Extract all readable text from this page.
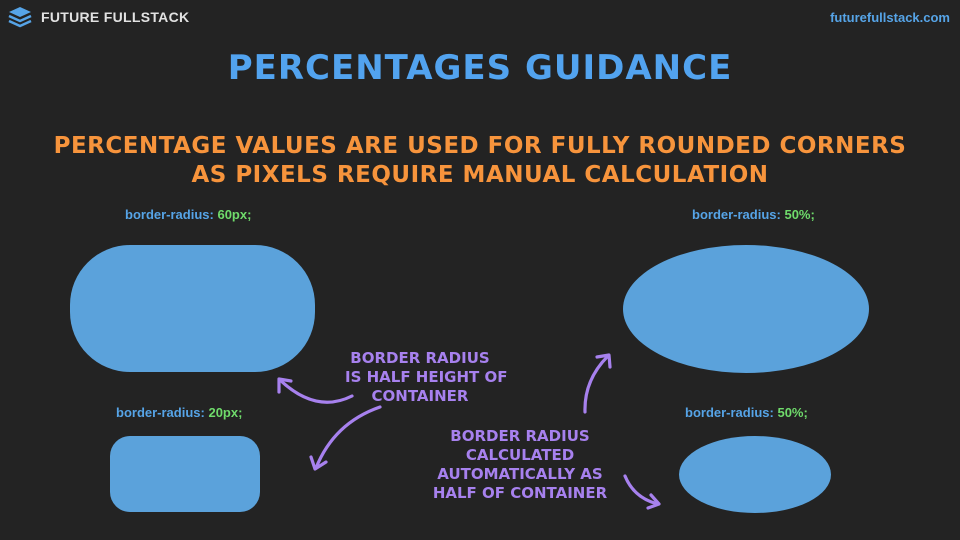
FUTURE FULLSTACK	futurefullstack.com
PERCENTAGES GUIDANCE
PERCENTAGE VALUES ARE USED FOR FULLY ROUNDED CORNERS
AS PIXELS REQUIRE MANUAL CALCULATION
border-radius: 60px;	border-radius: 50%;
border-radius: 20px;	border-radius: 50%;
BORDER RADIUS
IS HALF HEIGHT OF
CONTAINER
BORDER RADIUS
CALCULATED
AUTOMATICALLY AS
HALF OF CONTAINER
